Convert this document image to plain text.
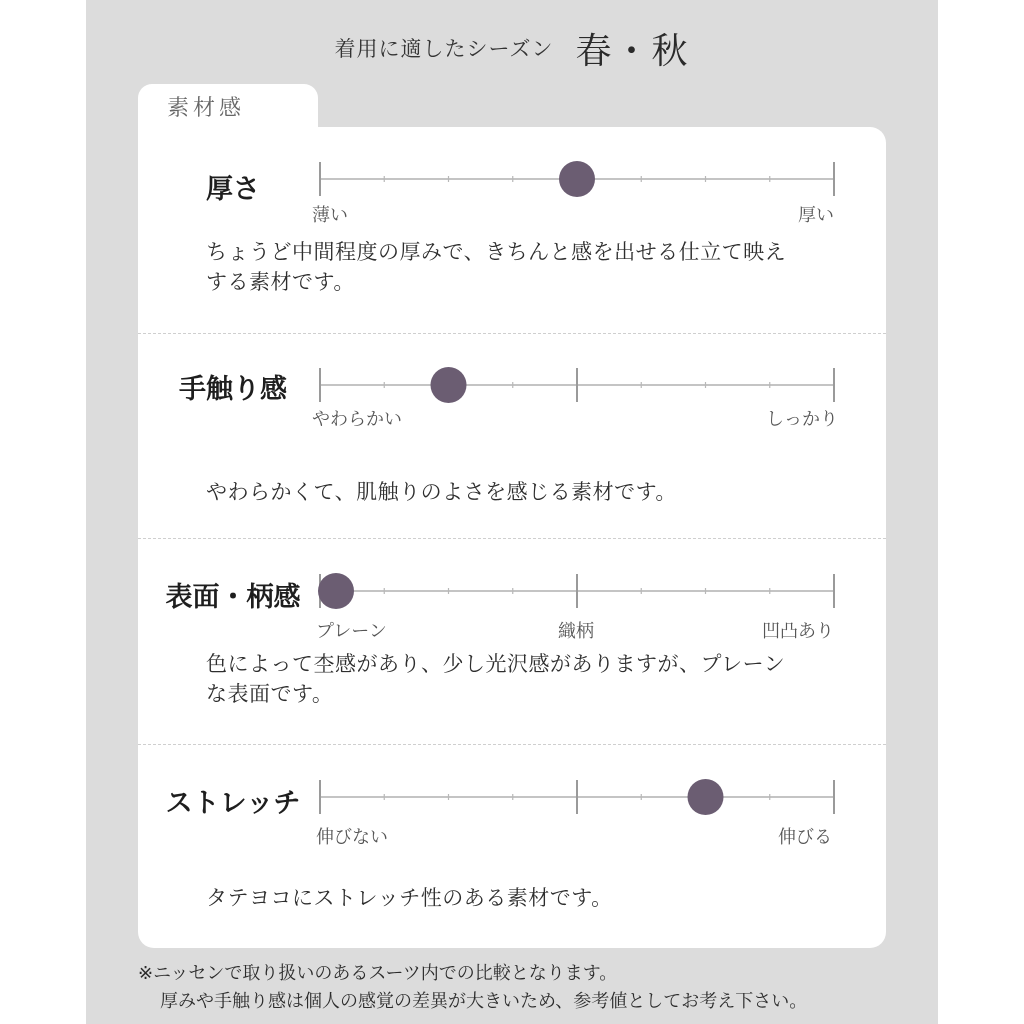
着用に適したシーズン 春・秋
素材感
厚さ
薄い	厚い
ちょうど中間程度の厚みで、きちんと感を出せる仕立て映え
する素材です。
手触り感
やわらかい	しっかり
やわらかくて、肌触りのよさを感じる素材です。
表面・柄感
プレーン	織柄	凹凸あり
色によって杢感があり、少し光沢感がありますが、プレーン
な表面です。
ストレッチ
伸びない	伸びる
タテヨコにストレッチ性のある素材です。
※ニッセンで取り扱いのあるスーツ内での比較となります。
厚みや手触り感は個人の感覚の差異が大きいため、参考値としてお考え下さい。
